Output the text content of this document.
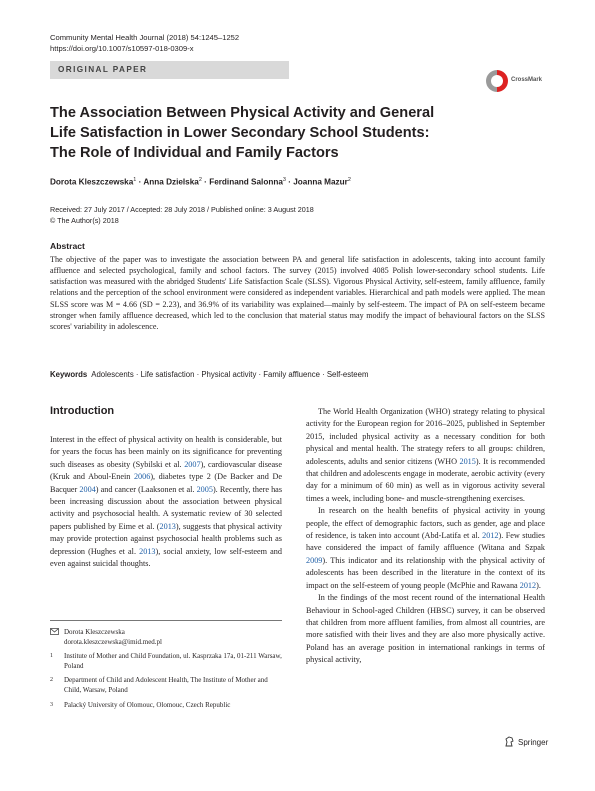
Community Mental Health Journal (2018) 54:1245–1252
https://doi.org/10.1007/s10597-018-0309-x
ORIGINAL PAPER
CrossMark
The Association Between Physical Activity and General Life Satisfaction in Lower Secondary School Students: The Role of Individual and Family Factors
Dorota Kleszczewska$^1$ · Anna Dzielska$^2$ · Ferdinand Salonna$^3$ · Joanna Mazur$^2$
Received: 27 July 2017 / Accepted: 28 July 2018 / Published online: 3 August 2018
© The Author(s) 2018
Abstract
The objective of the paper was to investigate the association between PA and general life satisfaction in adolescents, taking into account family affluence and selected psychological, family and school factors. The survey (2015) involved 4085 Polish lower-secondary school students. Life satisfaction was measured with the abridged Students' Life Satisfaction Scale (SLSS). Vigorous Physical Activity, self-esteem, family affluence, family relations and the perception of the school environment were considered as independent variables. Hierarchical and path models were applied. The mean SLSS score was M = 4.66 (SD = 2.23), and 36.9% of its variability was explained—mainly by self-esteem. The impact of PA on self-esteem became stronger when family affluence decreased, which led to the conclusion that material status may modify the impact of behavioural factors on the SLSS scores' variability in adolescence.
Keywords Adolescents · Life satisfaction · Physical activity · Family affluence · Self-esteem
Introduction

Interest in the effect of physical activity on health is considerable, but for years the focus has been mainly on its significance for preventing such diseases as obesity (Sybilski et al. 2007), cardiovascular disease (Kruk and Aboul-Enein 2006), diabetes type 2 (De Backer and De Bacquer 2004) and cancer (Laaksonen et al. 2005). Recently, there has been increasing discussion about the association between physical activity and psychosocial health. A systematic review of 30 selected papers published by Eime et al. (2013), suggests that physical activity may provide protection against psychosocial health problems such as depression (Hughes et al. 2013), social anxiety, low self-esteem and even against suicidal thoughts.

The World Health Organization (WHO) strategy relating to physical activity for the European region for 2016–2025, published in September 2015, included physical activity as a necessary condition for both physical and mental health. The strategy refers to all groups: children, adolescents, adults and senior citizens (WHO 2015). It is recommended that children and adolescents engage in moderate, aerobic activity (every day for a minimum of 60 min) as well as in vigorous activity several times a week, including bone- and muscle-strengthening exercises.

In research on the health benefits of physical activity in young people, the effect of demographic factors, such as gender, age and place of residence, is taken into account (Abd-Latifa et al. 2012). Few studies have considered the impact of family affluence (Witana and Szpak 2009). This indicator and its relationship with the physical activity of adolescents has been described in the literature in the context of its impact on the self-esteem of young people (McPhie and Rawana 2012).

In the findings of the most recent round of the international Health Behaviour in School-aged Children (HBSC) survey, it can be observed that children from more affluent families, from almost all countries, are more satisfied with their lives and they are also more physically active. Poland has an average position in international rankings in terms of physical activity,

Dorota Kleszczewska
dorota.kleszczewska@imid.med.pl
1	Institute of Mother and Child Foundation, ul. Kasprzaka 17a, 01-211 Warsaw, Poland
2	Department of Child and Adolescent Health, The Institute of Mother and Child, Warsaw, Poland
3	Palacký University of Olomouc, Olomouc, Czech Republic
Springer
